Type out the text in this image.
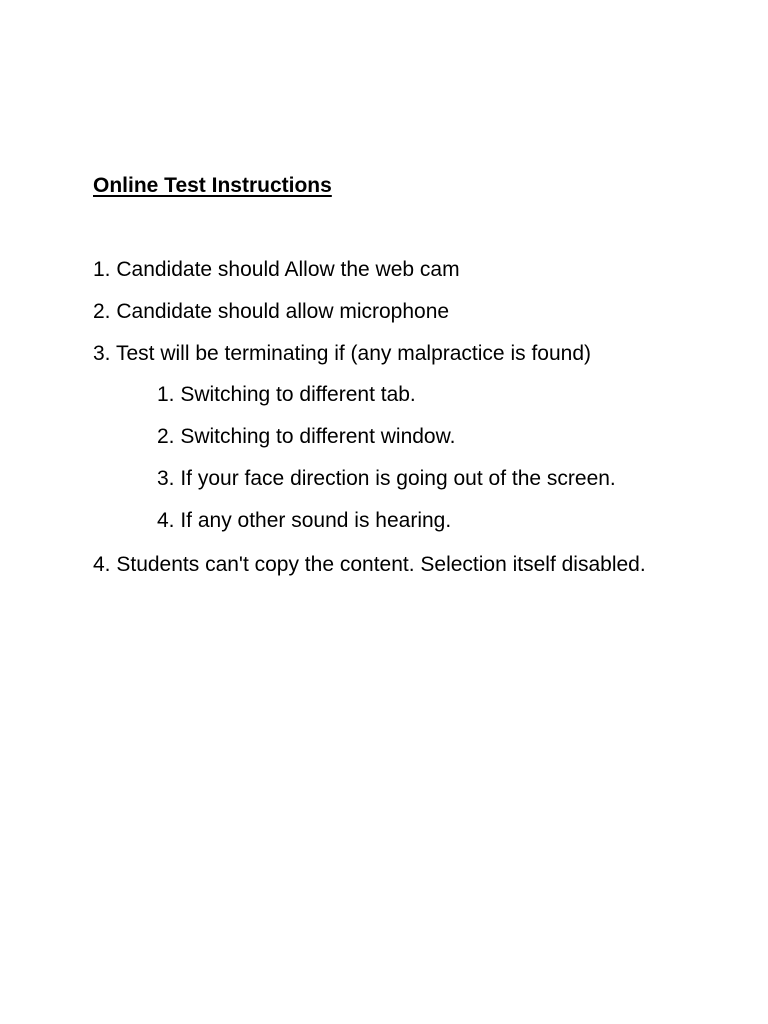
Online Test Instructions

1. Candidate should Allow the web cam

2. Candidate should allow microphone

3. Test will be terminating if (any malpractice is found)

1. Switching to different tab.

2. Switching to different window.

3. If your face direction is going out of the screen.

4. If any other sound is hearing.

4. Students can't copy the content. Selection itself disabled.
